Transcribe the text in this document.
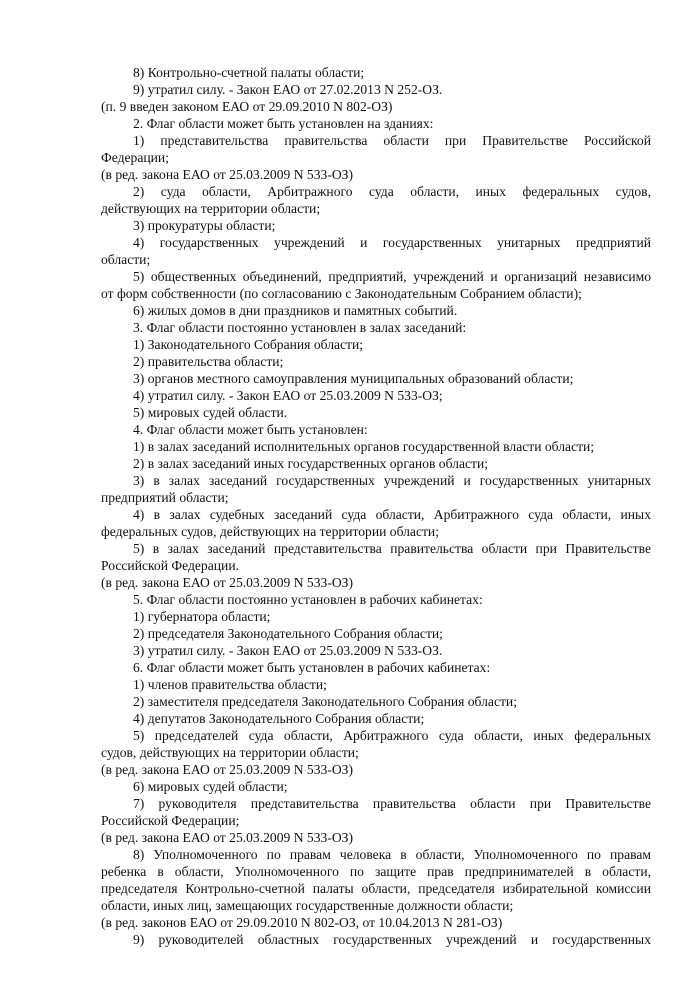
8) Контрольно-счетной палаты области;
9) утратил силу. - Закон ЕАО от 27.02.2013 N 252-ОЗ.
(п. 9 введен законом ЕАО от 29.09.2010 N 802-ОЗ)
2. Флаг области может быть установлен на зданиях:
1) представительства правительства области при Правительстве Российской
Федерации;
(в ред. закона ЕАО от 25.03.2009 N 533-ОЗ)
2) суда области, Арбитражного суда области, иных федеральных судов,
действующих на территории области;
3) прокуратуры области;
4) государственных учреждений и государственных унитарных предприятий
области;
5) общественных объединений, предприятий, учреждений и организаций независимо
от форм собственности (по согласованию с Законодательным Собранием области);
6) жилых домов в дни праздников и памятных событий.
3. Флаг области постоянно установлен в залах заседаний:
1) Законодательного Собрания области;
2) правительства области;
3) органов местного самоуправления муниципальных образований области;
4) утратил силу. - Закон ЕАО от 25.03.2009 N 533-ОЗ;
5) мировых судей области.
4. Флаг области может быть установлен:
1) в залах заседаний исполнительных органов государственной власти области;
2) в залах заседаний иных государственных органов области;
3) в залах заседаний государственных учреждений и государственных унитарных
предприятий области;
4) в залах судебных заседаний суда области, Арбитражного суда области, иных
федеральных судов, действующих на территории области;
5) в залах заседаний представительства правительства области при Правительстве
Российской Федерации.
(в ред. закона ЕАО от 25.03.2009 N 533-ОЗ)
5. Флаг области постоянно установлен в рабочих кабинетах:
1) губернатора области;
2) председателя Законодательного Собрания области;
3) утратил силу. - Закон ЕАО от 25.03.2009 N 533-ОЗ.
6. Флаг области может быть установлен в рабочих кабинетах:
1) членов правительства области;
2) заместителя председателя Законодательного Собрания области;
4) депутатов Законодательного Собрания области;
5) председателей суда области, Арбитражного суда области, иных федеральных
судов, действующих на территории области;
(в ред. закона ЕАО от 25.03.2009 N 533-ОЗ)
6) мировых судей области;
7) руководителя представительства правительства области при Правительстве
Российской Федерации;
(в ред. закона ЕАО от 25.03.2009 N 533-ОЗ)
8) Уполномоченного по правам человека в области, Уполномоченного по правам
ребенка в области, Уполномоченного по защите прав предпринимателей в области,
председателя Контрольно-счетной палаты области, председателя избирательной комиссии
области, иных лиц, замещающих государственные должности области;
(в ред. законов ЕАО от 29.09.2010 N 802-ОЗ, от 10.04.2013 N 281-ОЗ)
9) руководителей областных государственных учреждений и государственных
